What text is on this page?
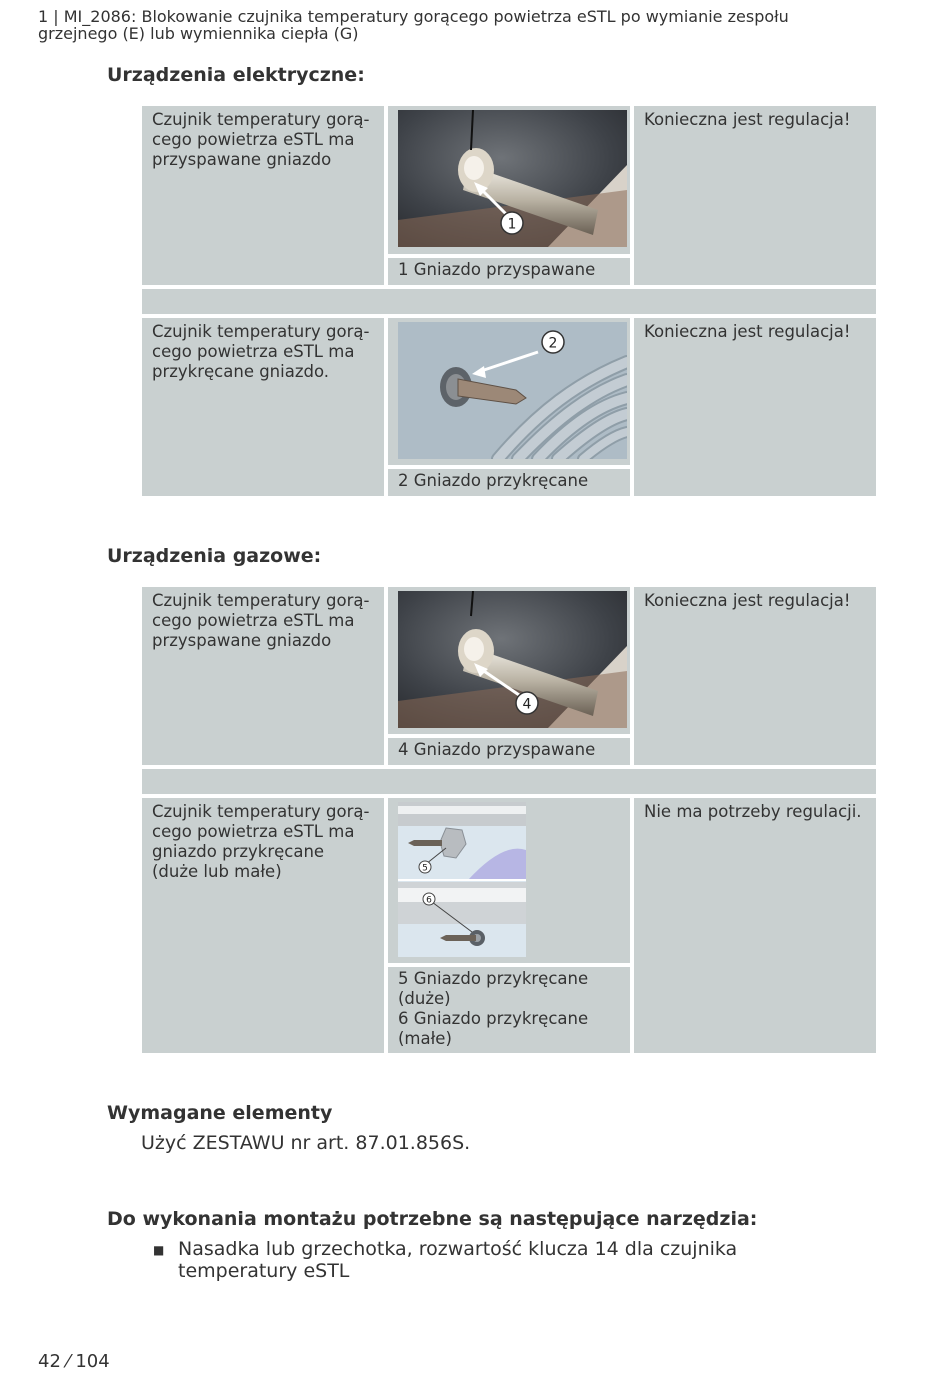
1 | MI_2086: Blokowanie czujnika temperatury gorącego powietrza eSTL po wymianie zespołu
grzejnego (E) lub wymiennika ciepła (G)
Urządzenia elektryczne:
Czujnik temperatury gorą-cego powietrza eSTL ma przyspawane gniazdo
1
1 Gniazdo przyspawane
Konieczna jest regulacja!
Czujnik temperatury gorą-cego powietrza eSTL ma przykręcane gniazdo.
2
2 Gniazdo przykręcane
Konieczna jest regulacja!
Urządzenia gazowe:
Czujnik temperatury gorą-cego powietrza eSTL ma przyspawane gniazdo
4
4 Gniazdo przyspawane
Konieczna jest regulacja!
Czujnik temperatury gorą-cego powietrza eSTL ma gniazdo przykręcane (duże lub małe)	5
6
5 Gniazdo przykręcane (duże)
6 Gniazdo przykręcane (małe)
Nie ma potrzeby regulacji.
Wymagane elementy
Użyć ZESTAWU nr art. 87.01.856S.
Do wykonania montażu potrzebne są następujące narzędzia:
■ Nasadka lub grzechotka, rozwartość klucza 14 dla czujnika temperatury eSTL
42 ⁄ 104
